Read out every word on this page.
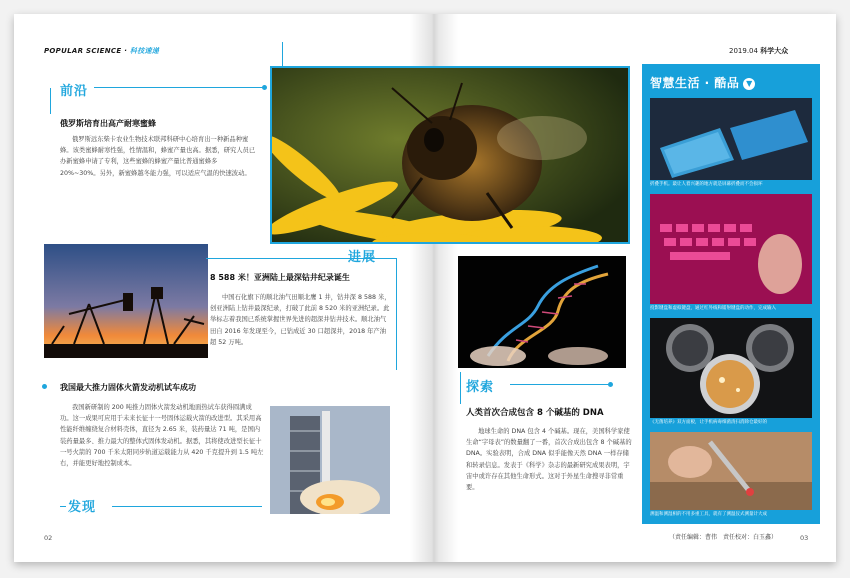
POPULAR SCIENCE · 科技速递	2019.04 科学大众
前沿
俄罗斯培育出高产耐寒蜜蜂
俄罗斯远东柴卡农业生物技术联邦科研中心培育出一种新品种蜜蜂。该类蜜蜂耐寒性强，性情温和，蜂蜜产量也高。据悉，研究人员已办新蜜蜂申请了专利，这些蜜蜂的蜂蜜产量比普通蜜蜂多 20%~30%。另外，新蜜蜂越冬能力强，可以适应气温的快速波动。
进展
8 588 米！亚洲陆上最深钻井纪录诞生
中国石化旗下的顺北油气田顺北鹰 1 井，钻井深 8 588 米，创亚洲陆上钻井最深纪录，打破了此前 8 520 米的亚洲纪录。此举标志着我国已系统掌握世界先进的超深井钻井技术。顺北油气田自 2016 年发现至今，已钻成近 30 口超深井，2018 年产油超 52 万吨。
我国最大推力固体火箭发动机试车成功
我国新研制的 200 吨推力固体火箭发动机地面热试车获得圆满成功。这一成果可应用于未来长征十一号固体运载火箭的改进型。其采用高性能纤维缠绕复合材料壳体，直径为 2.65 米，装药量达 71 吨，是国内装药量最多、推力最大的整体式固体发动机。据悉，其将使改进型长征十一号火箭的 700 千米太阳同步轨道运载能力从 420 千克提升到 1.5 吨左右，并能更好地控制成本。
发现
探索
人类首次合成包含 8 个碱基的 DNA
地球生命的 DNA 包含 4 个碱基。现在，美国科学家使生命“字母表”的数量翻了一番，首次合成出包含 8 个碱基的 DNA。实验表明，合成 DNA 似乎能像天然 DNA 一样存储和转录信息。发表于《科学》杂志的最新研究成果表明，宇宙中或许存在其他生命形式。这对于外星生命搜寻非常重要。
智慧生活 · 酷品 ▼
折叠手机。最让人着兴趣的地方就是屏幕折叠而不会损坏
投影键盘和虚拟键盘，通过红外线和镭射键盘的动作，完成输入
《无菌培养》双方面板，让手机病毒细菌清扫消除仓最好的
测温和测湿相的不用多重工具，就有了测温仪式测量计大成
（责任编辑：曹伟　责任校对：白玉鑫）
02	03
